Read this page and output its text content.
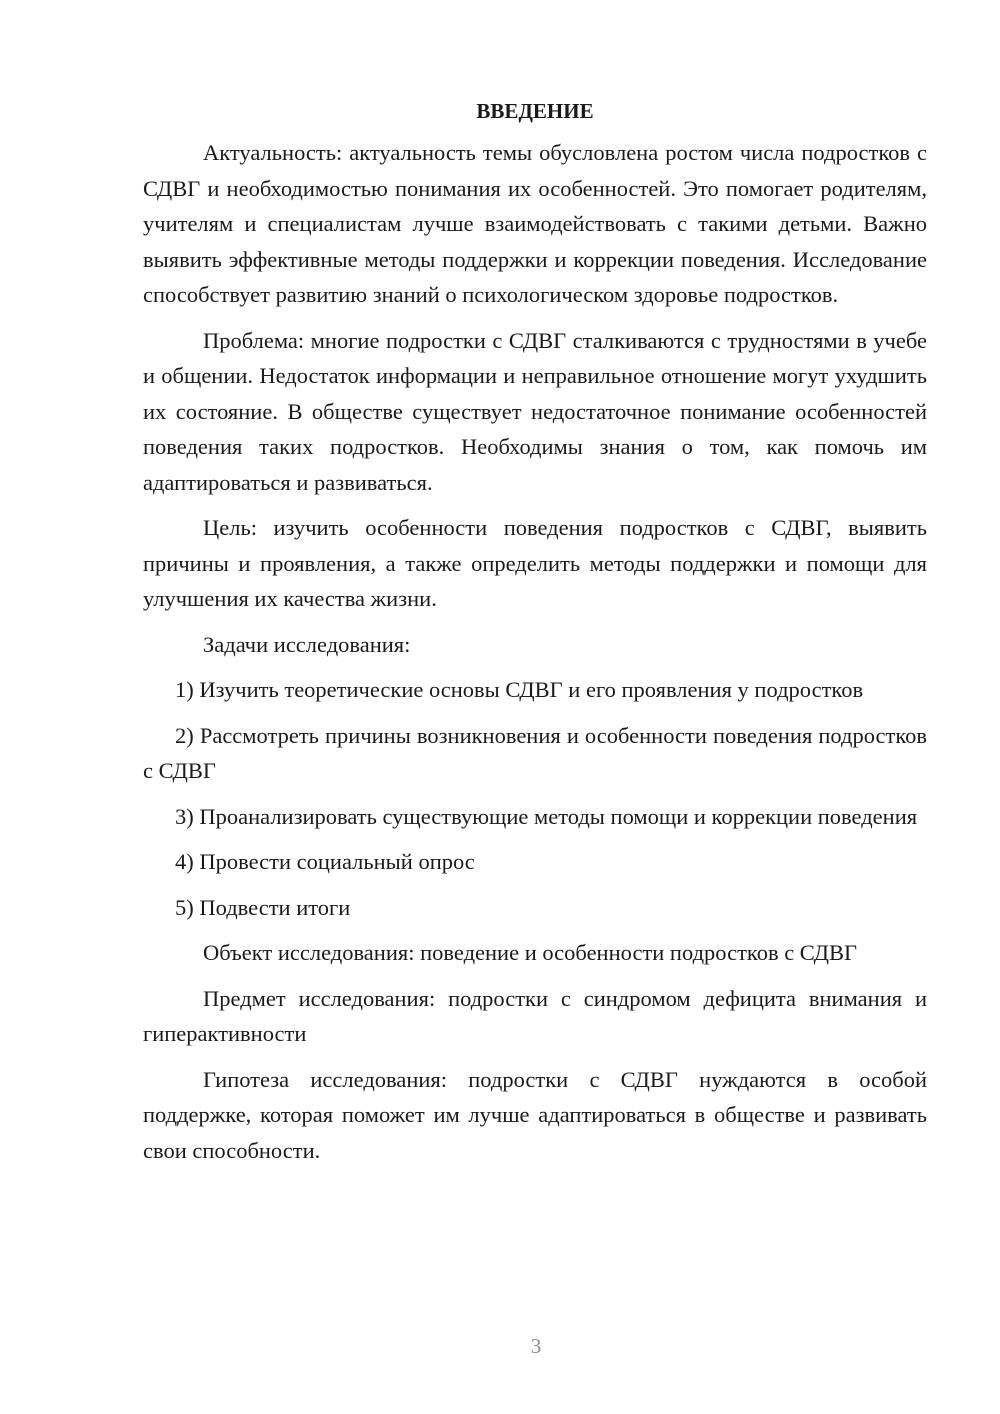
ВВЕДЕНИЕ

Актуальность: актуальность темы обусловлена ростом числа подростков с СДВГ и необходимостью понимания их особенностей. Это помогает родителям, учителям и специалистам лучше взаимодействовать с такими детьми. Важно выявить эффективные методы поддержки и коррекции поведения. Исследование способствует развитию знаний о психологическом здоровье подростков.

Проблема: многие подростки с СДВГ сталкиваются с трудностями в учебе и общении. Недостаток информации и неправильное отношение могут ухудшить их состояние. В обществе существует недостаточное понимание особенностей поведения таких подростков. Необходимы знания о том, как помочь им адаптироваться и развиваться.

Цель: изучить особенности поведения подростков с СДВГ, выявить причины и проявления, а также определить методы поддержки и помощи для улучшения их качества жизни.

Задачи исследования:

1) Изучить теоретические основы СДВГ и его проявления у подростков

2) Рассмотреть причины возникновения и особенности поведения подростков с СДВГ

3) Проанализировать существующие методы помощи и коррекции поведения

4) Провести социальный опрос

5) Подвести итоги

Объект исследования: поведение и особенности подростков с СДВГ

Предмет исследования: подростки с синдромом дефицита внимания и гиперактивности

Гипотеза исследования: подростки с СДВГ нуждаются в особой поддержке, которая поможет им лучше адаптироваться в обществе и развивать свои способности.

3
